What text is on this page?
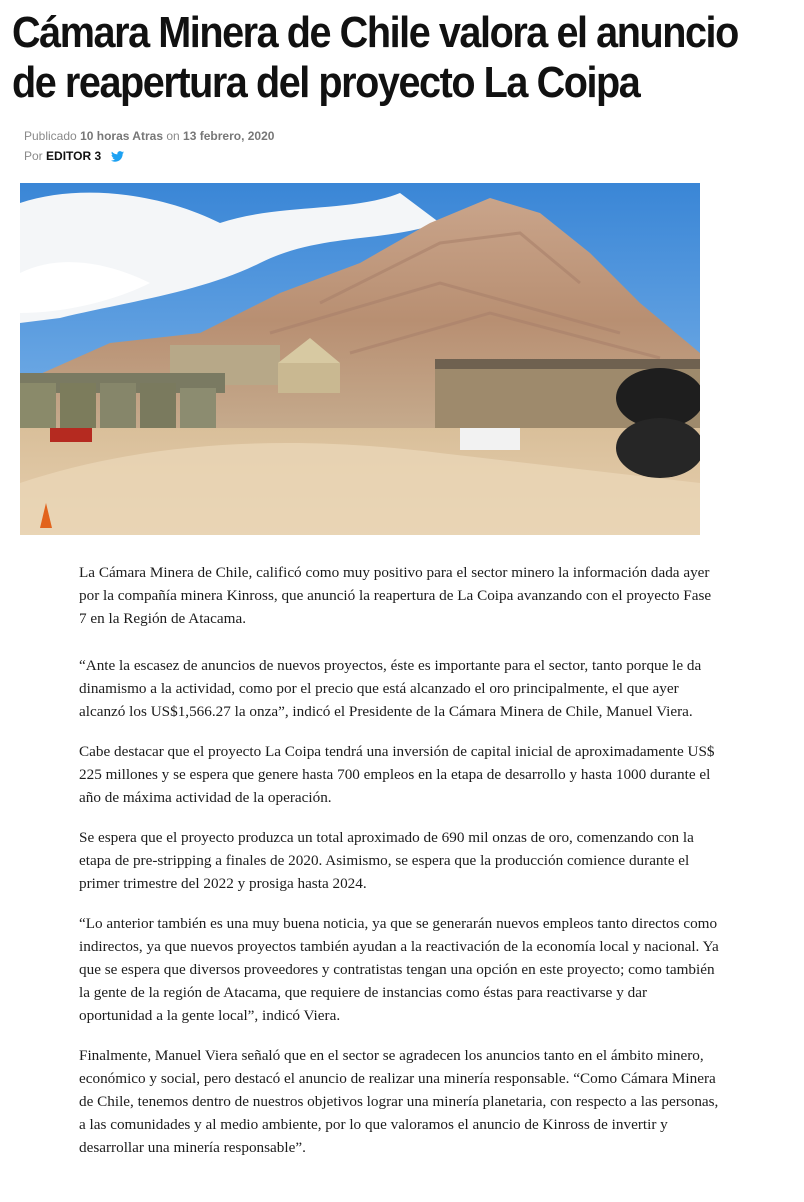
Cámara Minera de Chile valora el anuncio
de reapertura del proyecto La Coipa
Publicado 10 horas Atras on 13 febrero, 2020
Por EDITOR 3

La Cámara Minera de Chile, calificó como muy positivo para el sector minero la información dada ayer por la compañía minera Kinross, que anunció la reapertura de La Coipa avanzando con el proyecto Fase 7 en la Región de Atacama.

“Ante la escasez de anuncios de nuevos proyectos, éste es importante para el sector, tanto porque le da dinamismo a la actividad, como por el precio que está alcanzado el oro principalmente, el que ayer alcanzó los US$1,566.27 la onza”, indicó el Presidente de la Cámara Minera de Chile, Manuel Viera.

Cabe destacar que el proyecto La Coipa tendrá una inversión de capital inicial de aproximadamente US$ 225 millones y se espera que genere hasta 700 empleos en la etapa de desarrollo y hasta 1000 durante el año de máxima actividad de la operación.

Se espera que el proyecto produzca un total aproximado de 690 mil onzas de oro, comenzando con la etapa de pre-stripping a finales de 2020. Asimismo, se espera que la producción comience durante el primer trimestre del 2022 y prosiga hasta 2024.

“Lo anterior también es una muy buena noticia, ya que se generarán nuevos empleos tanto directos como indirectos, ya que nuevos proyectos también ayudan a la reactivación de la economía local y nacional. Ya que se espera que diversos proveedores y contratistas tengan una opción en este proyecto; como también la gente de la región de Atacama, que requiere de instancias como éstas para reactivarse y dar oportunidad a la gente local”, indicó Viera.

Finalmente, Manuel Viera señaló que en el sector se agradecen los anuncios tanto en el ámbito minero, económico y social, pero destacó el anuncio de realizar una minería responsable. “Como Cámara Minera de Chile, tenemos dentro de nuestros objetivos lograr una minería planetaria, con respecto a las personas, a las comunidades y al medio ambiente, por lo que valoramos el anuncio de Kinross de invertir y desarrollar una minería responsable”.
